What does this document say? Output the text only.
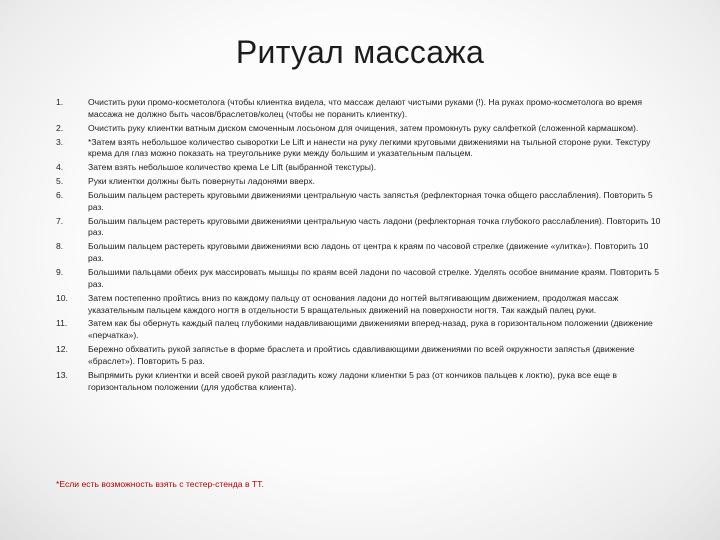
Ритуал массажа
1.	Очистить руки промо-косметолога (чтобы клиентка видела, что массаж делают чистыми руками (!). На руках промо-косметолога во время массажа не должно быть часов/браслетов/колец (чтобы не поранить клиентку).
2.	Очистить руку клиентки ватным диском смоченным лосьоном для очищения, затем промокнуть руку салфеткой (сложенной кармашком).
3.	*Затем взять небольшое количество сыворотки Le Lift и нанести на руку легкими круговыми движениями на тыльной стороне руки. Текстуру крема для глаз можно показать на треугольнике руки между большим и указательным пальцем.
4.	Затем взять небольшое количество крема Le Lift (выбранной текстуры).
5.	Руки клиентки должны быть повернуты ладонями вверх.
6.	Большим пальцем растереть круговыми движениями центральную часть запястья (рефлекторная точка общего расслабления). Повторить 5 раз.
7.	Большим пальцем растереть круговыми движениями центральную часть ладони (рефлекторная точка глубокого расслабления). Повторить 10 раз.
8.	Большим пальцем растереть круговыми движениями всю ладонь от центра к краям по часовой стрелке (движение «улитка»). Повторить 10 раз.
9.	Большими пальцами обеих рук массировать мышцы по краям всей ладони по часовой стрелке. Уделять особое внимание краям. Повторить 5 раз.
10.	Затем постепенно пройтись вниз по каждому пальцу от основания ладони до ногтей вытягивающим движением, продолжая массаж указательным пальцем каждого ногтя в отдельности 5 вращательных движений на поверхности ногтя. Так каждый палец руки.
11.	Затем как бы обернуть каждый палец глубокими надавливающими движениями вперед-назад, рука в горизонтальном положении (движение «перчатка»).
12.	Бережно обхватить рукой запястье в форме браслета и пройтись сдавливающими движениями по всей окружности запястья (движение «браслет»). Повторить 5 раз.
13.	Выпрямить руки клиентки и всей своей рукой разгладить кожу ладони клиентки 5 раз (от кончиков пальцев к локтю), рука все еще в горизонтальном положении (для удобства клиента).
*Если есть возможность взять с тестер-стенда в ТТ.
